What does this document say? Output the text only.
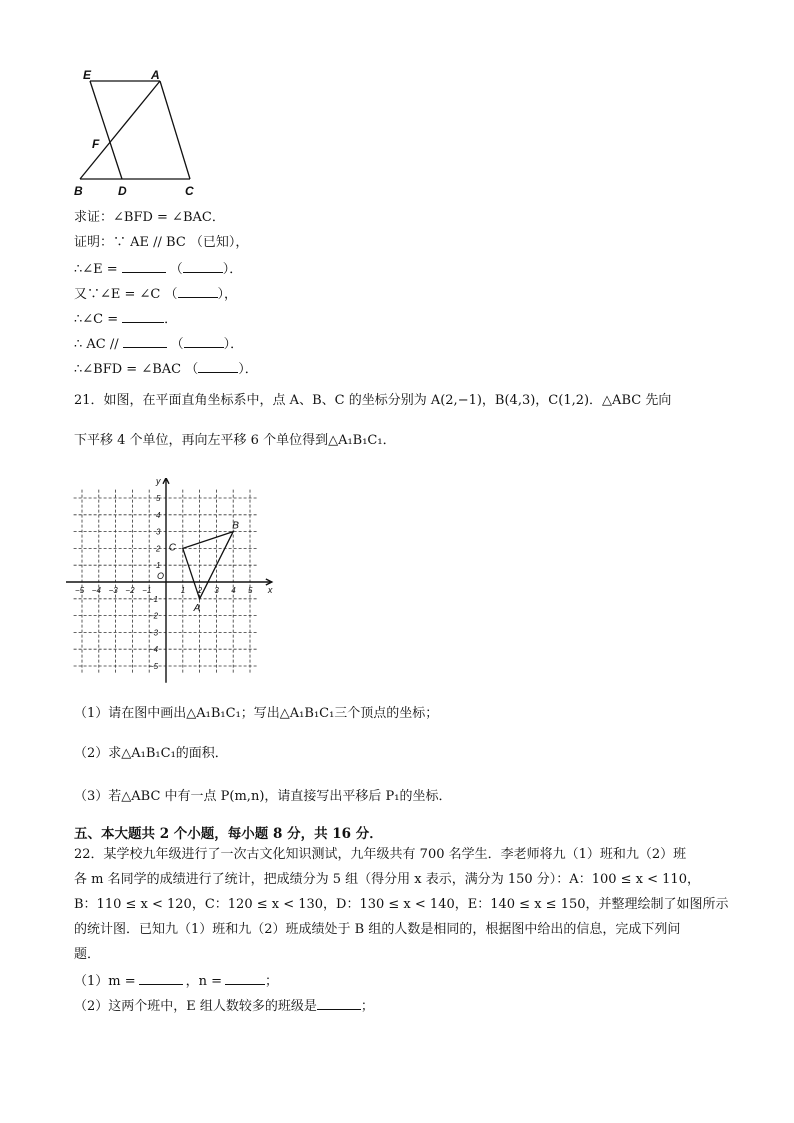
E	A
F
B	D	C
求证：∠BFD = ∠BAC．
证明：∵ AE // BC （已知），
∴∠E =	（	）．
又∵∠E = ∠C （	），
∴∠C =	．
∴ AC //	（	）．
∴∠BFD = ∠BAC （	）．
21．如图，在平面直角坐标系中，点 A、B、C 的坐标分别为 A(2,−1)，B(4,3)，C(1,2)．△ABC 先向
下平移 4 个单位，再向左平移 6 个单位得到△A₁B₁C₁．
−5 −4 −3 −2 −1	1 2 3 4 5
5
4
3
2
1
−1
−2
−3
−4
−5
O
x
y
A
B
C
（1）请在图中画出△A₁B₁C₁；写出△A₁B₁C₁三个顶点的坐标；
（2）求△A₁B₁C₁的面积．
（3）若△ABC 中有一点 P(m,n)，请直接写出平移后 P₁的坐标．
五、本大题共 2 个小题，每小题 8 分，共 16 分．
22．某学校九年级进行了一次古文化知识测试，九年级共有 700 名学生．李老师将九（1）班和九（2）班
各 m 名同学的成绩进行了统计，把成绩分为 5 组（得分用 x 表示，满分为 150 分）：A：100 ≤ x < 110，
B：110 ≤ x < 120，C：120 ≤ x < 130，D：130 ≤ x < 140，E：140 ≤ x ≤ 150，并整理绘制了如图所示
的统计图．已知九（1）班和九（2）班成绩处于 B 组的人数是相同的，根据图中给出的信息，完成下列问
题．
（1）m =	，n =	；
（2）这两个班中，E 组人数较多的班级是	；
